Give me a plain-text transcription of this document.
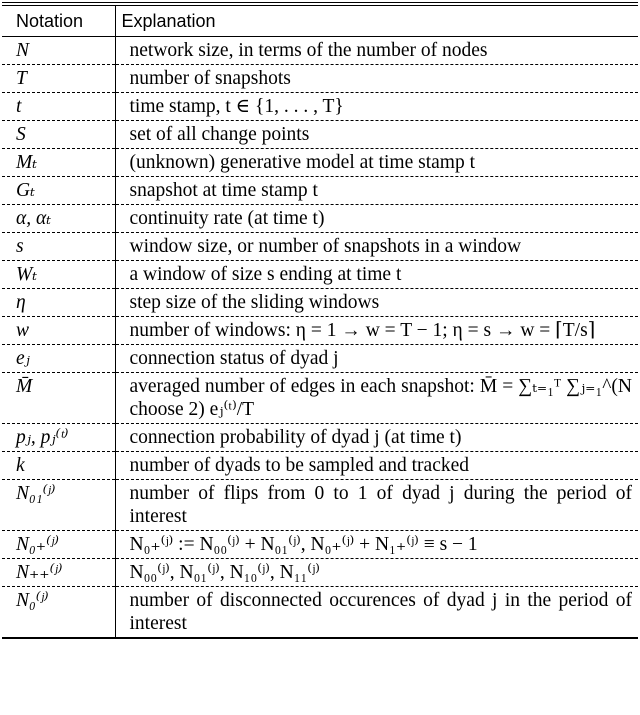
Notation	Explanation
N	network size, in terms of the number of nodes
T	number of snapshots
t	time stamp, t ∈ {1, . . . , T}
S	set of all change points
Mₜ	(unknown) generative model at time stamp t
Gₜ	snapshot at time stamp t
α, αₜ	continuity rate (at time t)
s	window size, or number of snapshots in a window
Wₜ	a window of size s ending at time t
η	step size of the sliding windows
w	number of windows: η = 1 → w = T − 1; η = s → w = ⌈T/s⌉
eⱼ	connection status of dyad j
M̄	averaged number of edges in each snapshot: M̄ = ∑ₜ₌₁ᵀ ∑ⱼ₌₁^(N choose 2) eⱼ⁽ᵗ⁾/T
pⱼ, pⱼ⁽ᵗ⁾	connection probability of dyad j (at time t)
k	number of dyads to be sampled and tracked
N₀₁⁽ʲ⁾	number of flips from 0 to 1 of dyad j during the period of interest
N₀₊⁽ʲ⁾	N₀₊⁽ʲ⁾ := N₀₀⁽ʲ⁾ + N₀₁⁽ʲ⁾, N₀₊⁽ʲ⁾ + N₁₊⁽ʲ⁾ ≡ s − 1
N₊₊⁽ʲ⁾	N₀₀⁽ʲ⁾, N₀₁⁽ʲ⁾, N₁₀⁽ʲ⁾, N₁₁⁽ʲ⁾
N₀⁽ʲ⁾	number of disconnected occurences of dyad j in the period of interest
